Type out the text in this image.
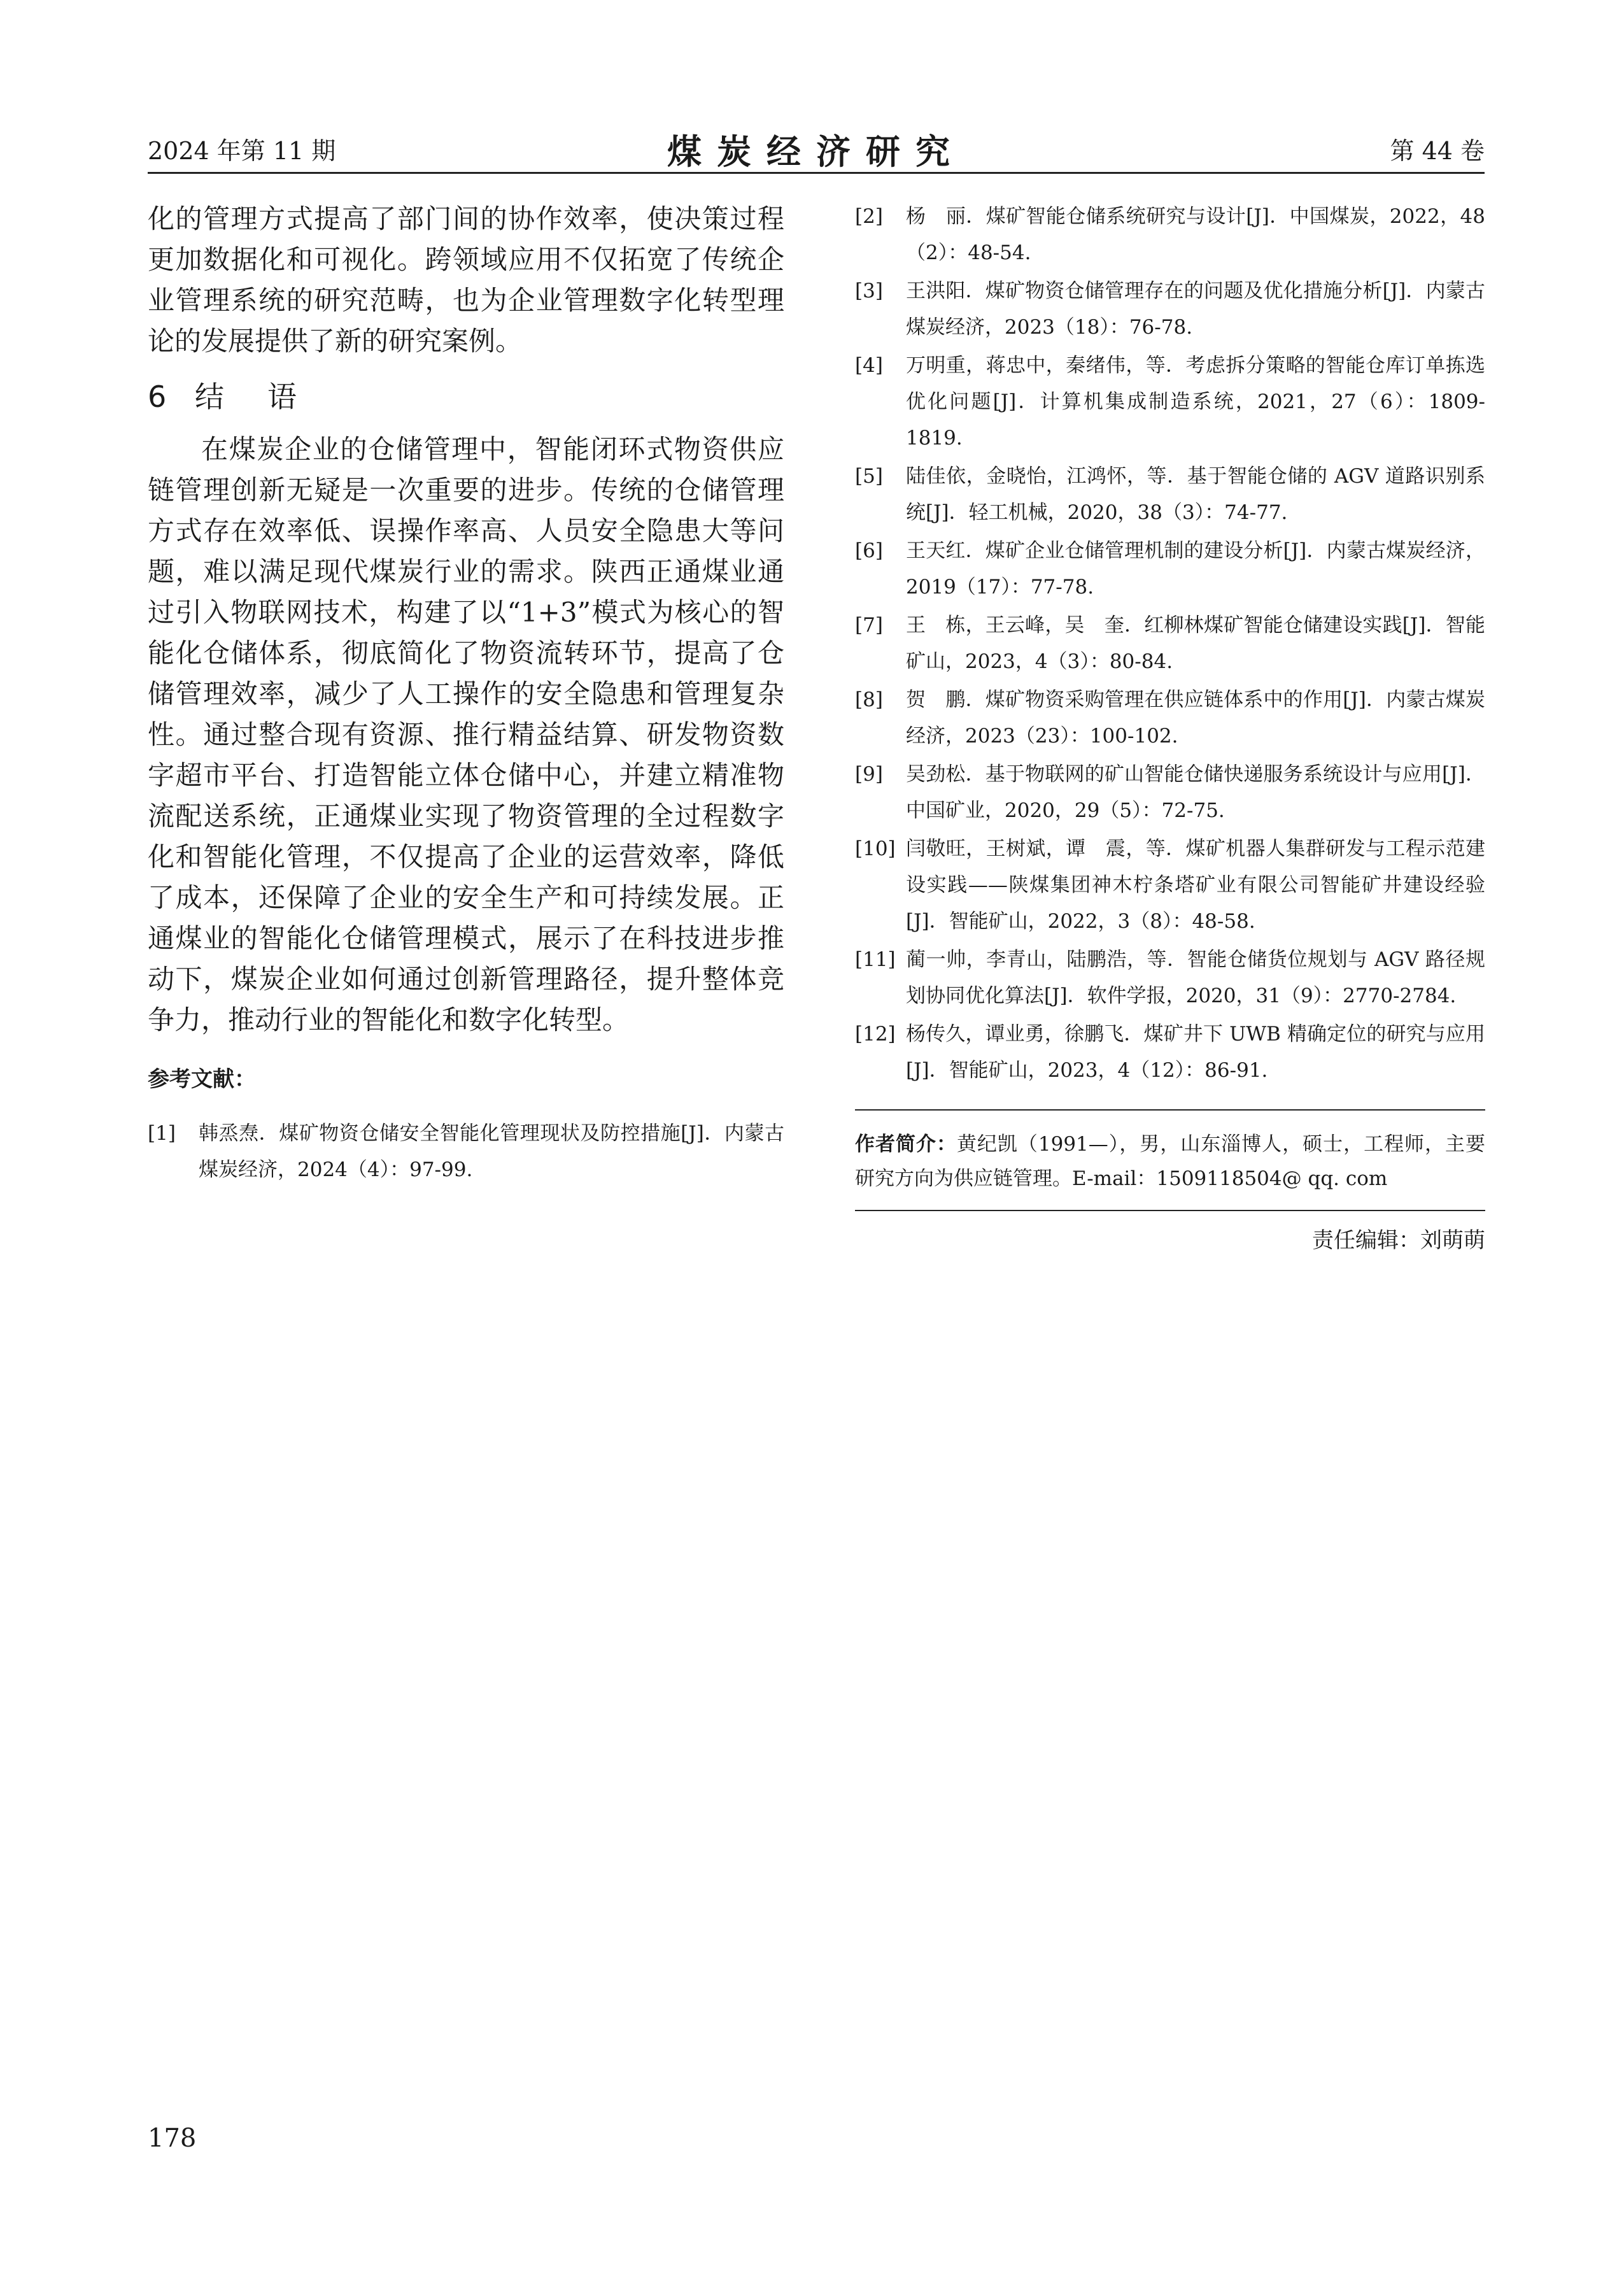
2024 年第 11 期	煤炭经济研究	第 44 卷

化的管理方式提高了部门间的协作效率，使决策过程更加数据化和可视化。跨领域应用不仅拓宽了传统企业管理系统的研究范畴，也为企业管理数字化转型理论的发展提供了新的研究案例。

6 结语

在煤炭企业的仓储管理中，智能闭环式物资供应链管理创新无疑是一次重要的进步。传统的仓储管理方式存在效率低、误操作率高、人员安全隐患大等问题，难以满足现代煤炭行业的需求。陕西正通煤业通过引入物联网技术，构建了以“1+3”模式为核心的智能化仓储体系，彻底简化了物资流转环节，提高了仓储管理效率，减少了人工操作的安全隐患和管理复杂性。通过整合现有资源、推行精益结算、研发物资数字超市平台、打造智能立体仓储中心，并建立精准物流配送系统，正通煤业实现了物资管理的全过程数字化和智能化管理，不仅提高了企业的运营效率，降低了成本，还保障了企业的安全生产和可持续发展。正通煤业的智能化仓储管理模式，展示了在科技进步推动下，煤炭企业如何通过创新管理路径，提升整体竞争力，推动行业的智能化和数字化转型。

参考文献：
[1] 韩烝焘．煤矿物资仓储安全智能化管理现状及防控措施[J]．内蒙古煤炭经济，2024（4）：97-99.
[2] 杨　丽．煤矿智能仓储系统研究与设计[J]．中国煤炭，2022，48（2）：48-54.
[3] 王洪阳．煤矿物资仓储管理存在的问题及优化措施分析[J]．内蒙古煤炭经济，2023（18）：76-78.
[4] 万明重，蒋忠中，秦绪伟，等．考虑拆分策略的智能仓库订单拣选优化问题[J]．计算机集成制造系统，2021，27（6）：1809-1819.
[5] 陆佳依，金晓怡，江鸿怀，等．基于智能仓储的 AGV 道路识别系统[J]．轻工机械，2020，38（3）：74-77.
[6] 王天红．煤矿企业仓储管理机制的建设分析[J]．内蒙古煤炭经济，2019（17）：77-78.
[7] 王　栋，王云峰，吴　奎．红柳林煤矿智能仓储建设实践[J]．智能矿山，2023，4（3）：80-84.
[8] 贺　鹏．煤矿物资采购管理在供应链体系中的作用[J]．内蒙古煤炭经济，2023（23）：100-102.
[9] 吴劲松．基于物联网的矿山智能仓储快递服务系统设计与应用[J]．中国矿业，2020，29（5）：72-75.
[10] 闫敬旺，王树斌，谭　震，等．煤矿机器人集群研发与工程示范建设实践——陕煤集团神木柠条塔矿业有限公司智能矿井建设经验[J]．智能矿山，2022，3（8）：48-58.
[11] 蔺一帅，李青山，陆鹏浩，等．智能仓储货位规划与 AGV 路径规划协同优化算法[J]．软件学报，2020，31（9）：2770-2784.
[12] 杨传久，谭业勇，徐鹏飞．煤矿井下 UWB 精确定位的研究与应用[J]．智能矿山，2023，4（12）：86-91.
作者简介：黄纪凯（1991—），男，山东淄博人，硕士，工程师，主要研究方向为供应链管理。E-mail：1509118504@ qq. com
责任编辑：刘萌萌
178
